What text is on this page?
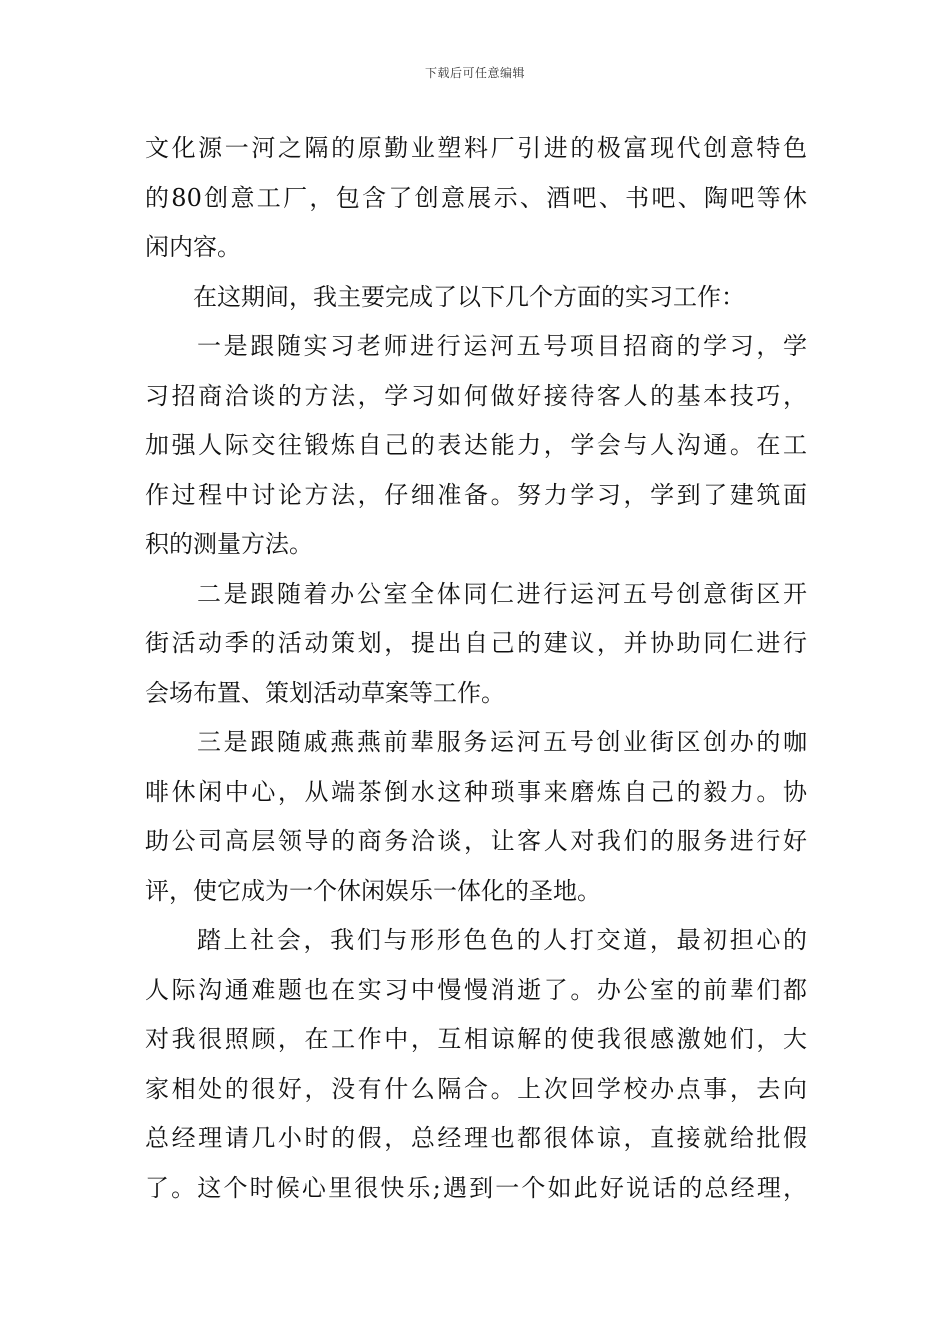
下载后可任意编辑
文化源一河之隔的原勤业塑料厂引进的极富现代创意特色
的80创意工厂，包含了创意展示、酒吧、书吧、陶吧等休
闲内容。
在这期间，我主要完成了以下几个方面的实习工作：
一是跟随实习老师进行运河五号项目招商的学习，学
习招商洽谈的方法，学习如何做好接待客人的基本技巧，
加强人际交往锻炼自己的表达能力，学会与人沟通。在工
作过程中讨论方法，仔细准备。努力学习，学到了建筑面
积的测量方法。
二是跟随着办公室全体同仁进行运河五号创意街区开
街活动季的活动策划，提出自己的建议，并协助同仁进行
会场布置、策划活动草案等工作。
三是跟随戚燕燕前辈服务运河五号创业街区创办的咖
啡休闲中心，从端茶倒水这种琐事来磨炼自己的毅力。协
助公司高层领导的商务洽谈，让客人对我们的服务进行好
评，使它成为一个休闲娱乐一体化的圣地。
踏上社会，我们与形形色色的人打交道，最初担心的
人际沟通难题也在实习中慢慢消逝了。办公室的前辈们都
对我很照顾，在工作中，互相谅解的使我很感激她们，大
家相处的很好，没有什么隔合。上次回学校办点事，去向
总经理请几小时的假，总经理也都很体谅，直接就给批假
了。这个时候心里很快乐;遇到一个如此好说话的总经理，
